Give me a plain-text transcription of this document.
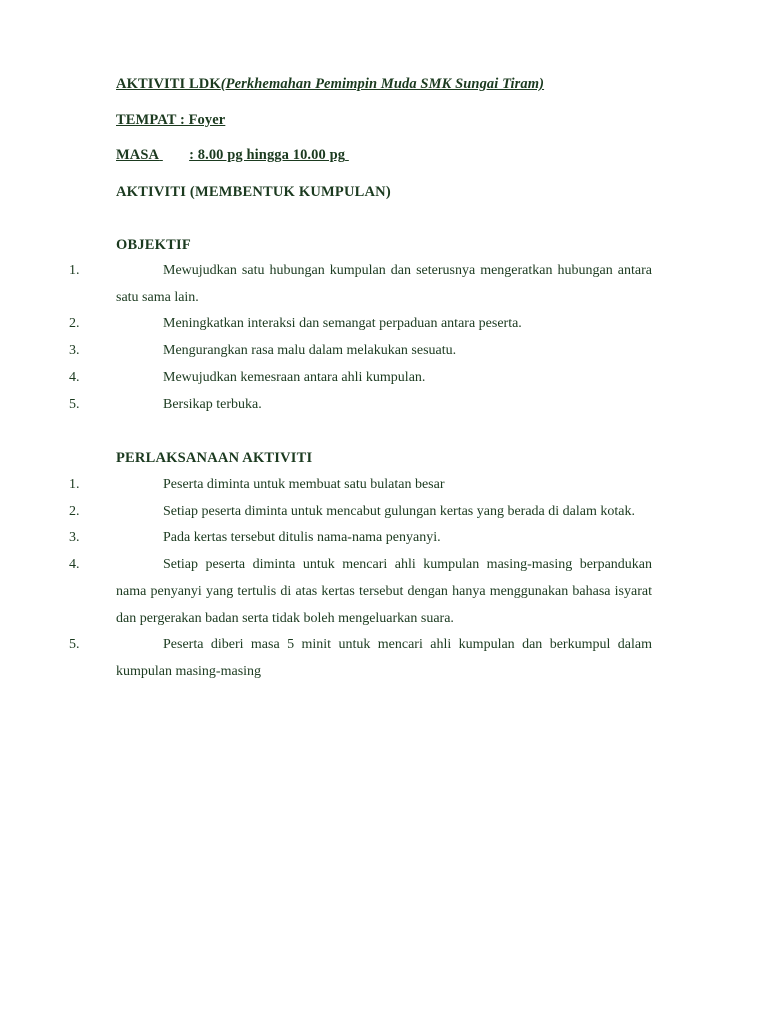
AKTIVITI LDK(Perkhemahan Pemimpin Muda SMK Sungai Tiram)
TEMPAT : Foyer
MASA : 8.00 pg hingga 10.00 pg
AKTIVITI (MEMBENTUK KUMPULAN)
OBJEKTIF
1.	Mewujudkan satu hubungan kumpulan dan seterusnya mengeratkan hubungan antara satu sama lain.
2.	Meningkatkan interaksi dan semangat perpaduan antara peserta.
3.	Mengurangkan rasa malu dalam melakukan sesuatu.
4.	Mewujudkan kemesraan antara ahli kumpulan.
5.	Bersikap terbuka.
PERLAKSANAAN AKTIVITI
1.	Peserta diminta untuk membuat satu bulatan besar
2.	Setiap peserta diminta untuk mencabut gulungan kertas yang berada di dalam kotak.
3.	Pada kertas tersebut ditulis nama-nama penyanyi.
4.	Setiap peserta diminta untuk mencari ahli kumpulan masing-masing berpandukan nama penyanyi yang tertulis di atas kertas tersebut dengan hanya menggunakan bahasa isyarat dan pergerakan badan serta tidak boleh mengeluarkan suara.
5.	Peserta diberi masa 5 minit untuk mencari ahli kumpulan dan berkumpul dalam kumpulan masing-masing
